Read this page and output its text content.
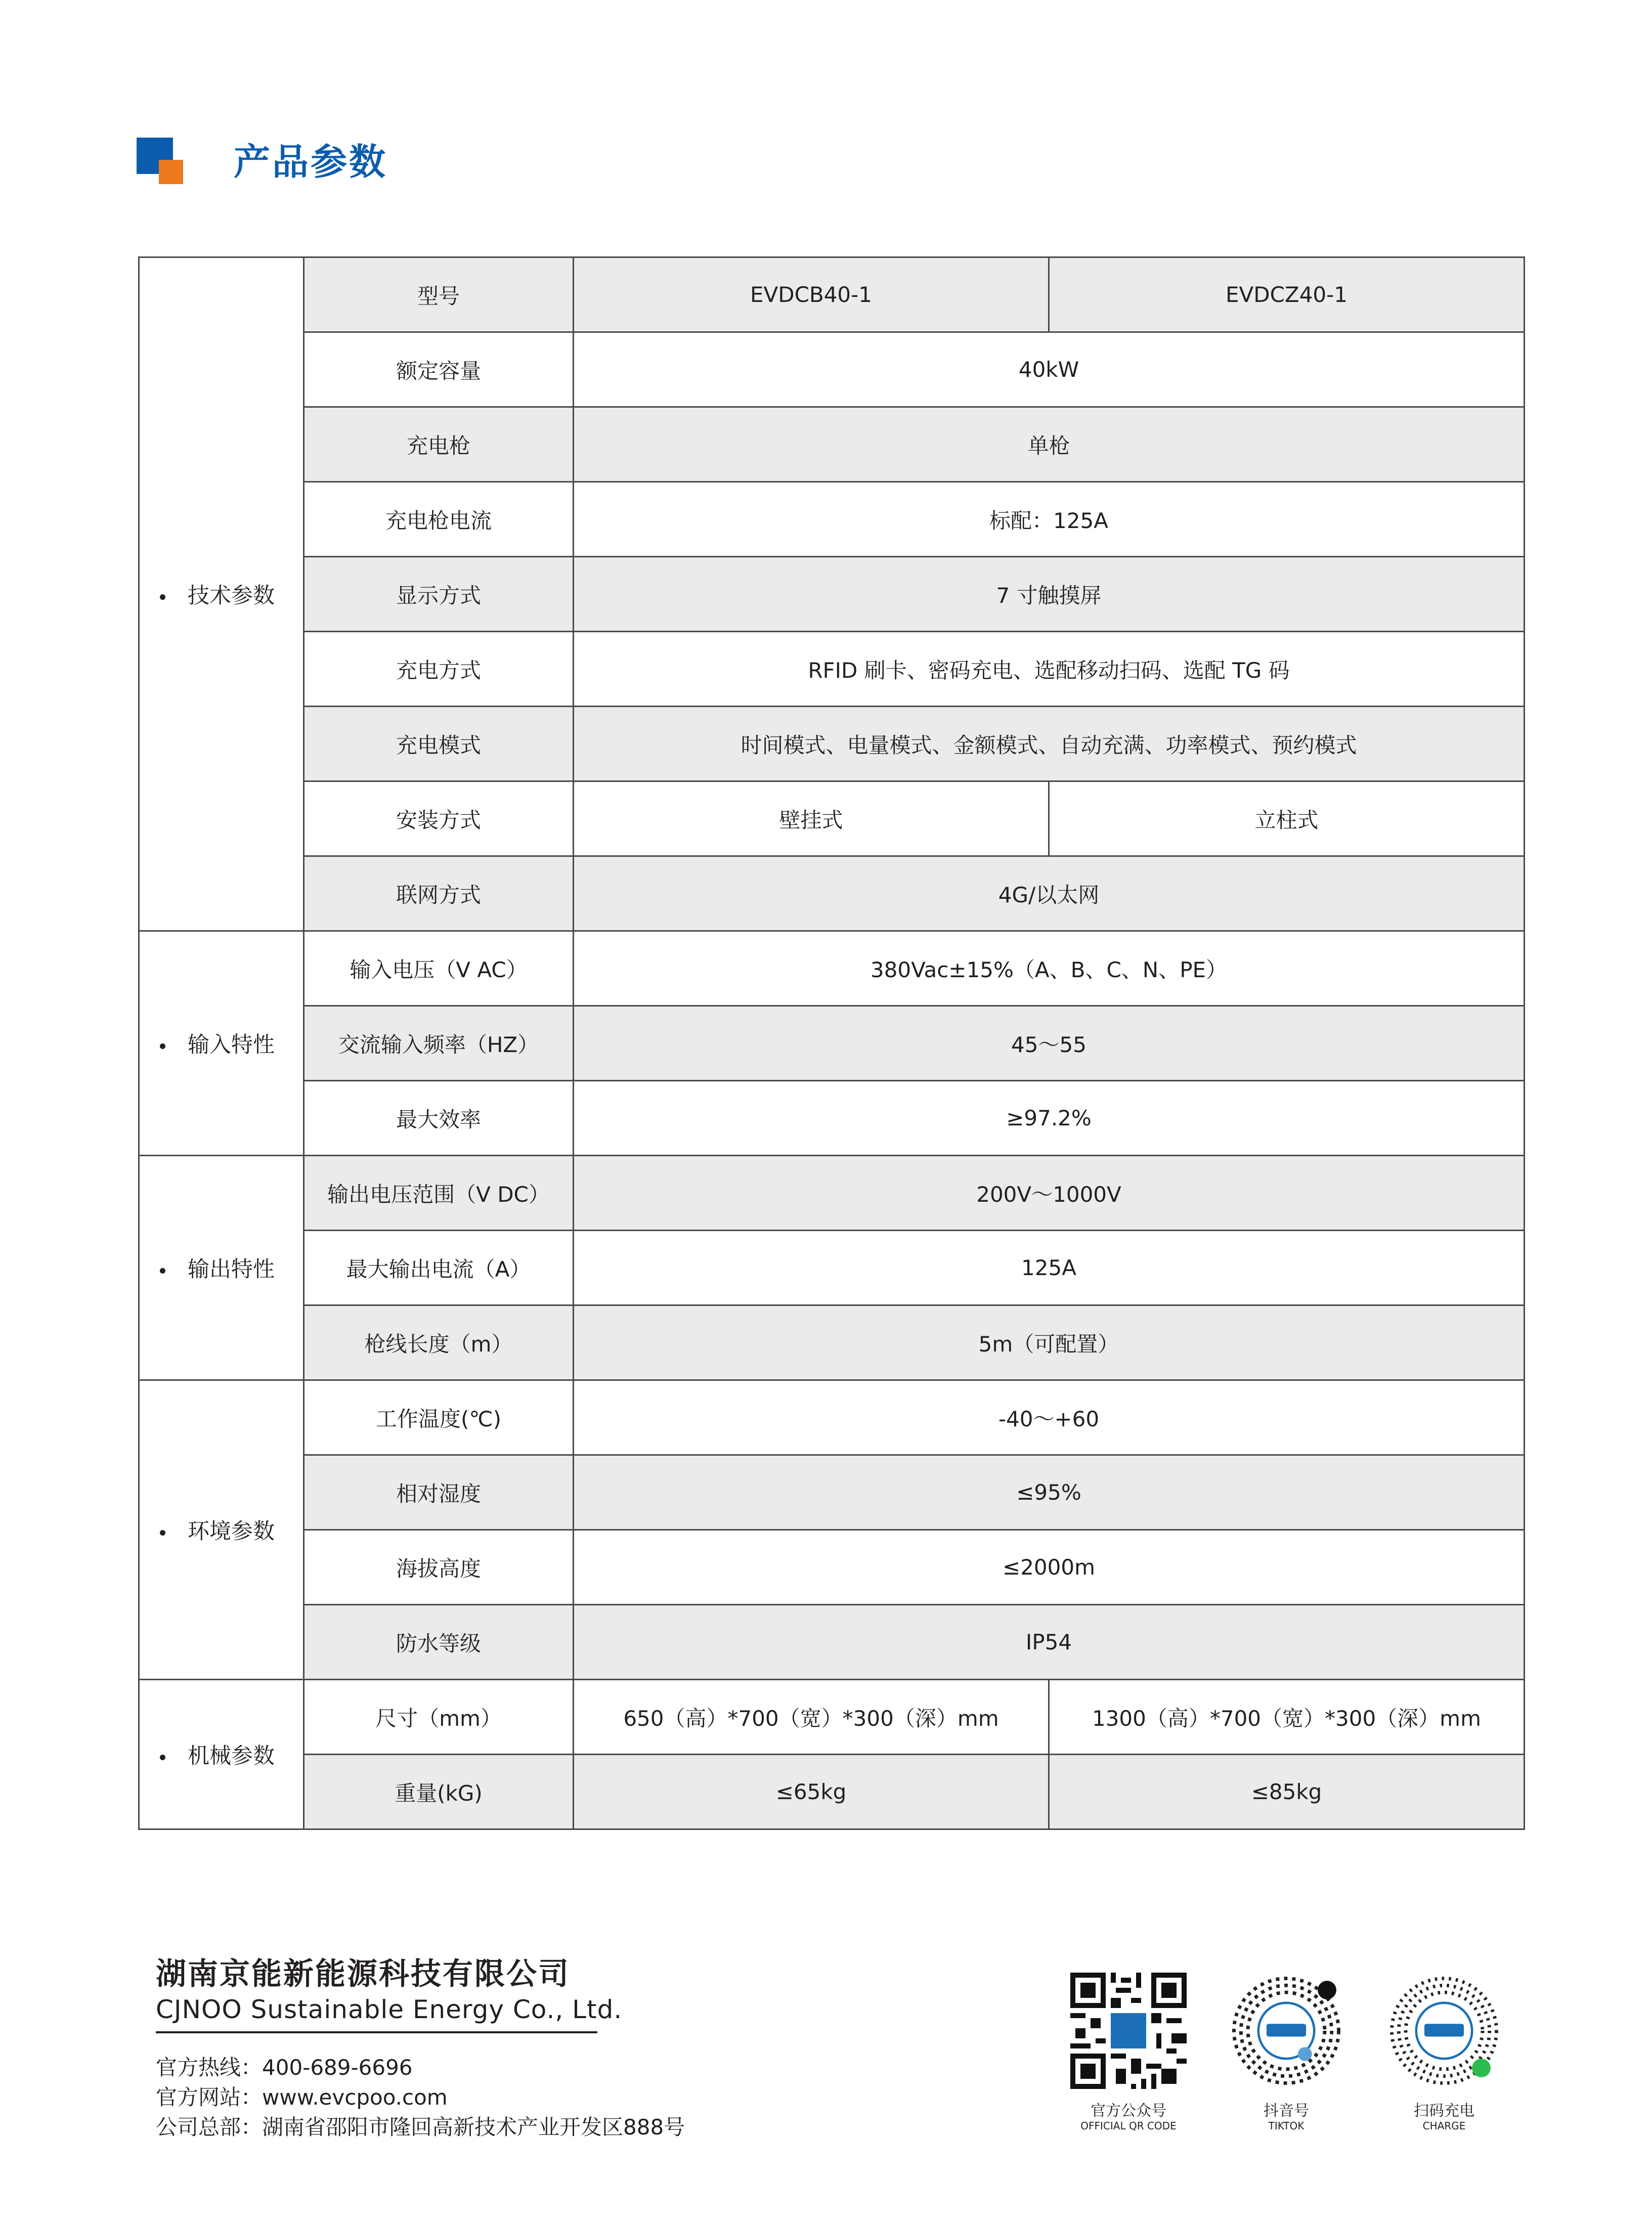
产品参数
技术参数	型号	EVDCB40-1	EVDCZ40-1
	额定容量	40kW	
	充电枪	单枪	
	充电枪电流	标配：125A	
	显示方式	7 寸触摸屏	
	充电方式	RFID 刷卡、密码充电、选配移动扫码、选配 TG 码	
	充电模式	时间模式、电量模式、金额模式、自动充满、功率模式、预约模式	
	安装方式	壁挂式	立柱式
	联网方式	4G/以太网	
输入特性	输入电压（V AC）	380Vac±15%（A、B、C、N、PE）	
	交流输入频率（HZ）	45～55	
	最大效率	≥97.2%	
输出特性	输出电压范围（V DC）	200V～1000V	
	最大输出电流（A）	125A	
	枪线长度（m）	5m（可配置）	
环境参数	工作温度(℃)	-40～+60	
	相对湿度	≤95%	
	海拔高度	≤2000m	
	防水等级	IP54	
机械参数	尺寸（mm）	650（高）*700（宽）*300（深）mm	1300（高）*700（宽）*300（深）mm
	重量(kG)	≤65kg	≤85kg
湖南京能新能源科技有限公司
CJNOO Sustainable Energy Co., Ltd.
官方热线：400-689-6696
官方网站：www.evcpoo.com
公司总部：湖南省邵阳市隆回高新技术产业开发区888号
官方公众号
OFFICIAL QR CODE
抖音号
TIKTOK
扫码充电
CHARGE
